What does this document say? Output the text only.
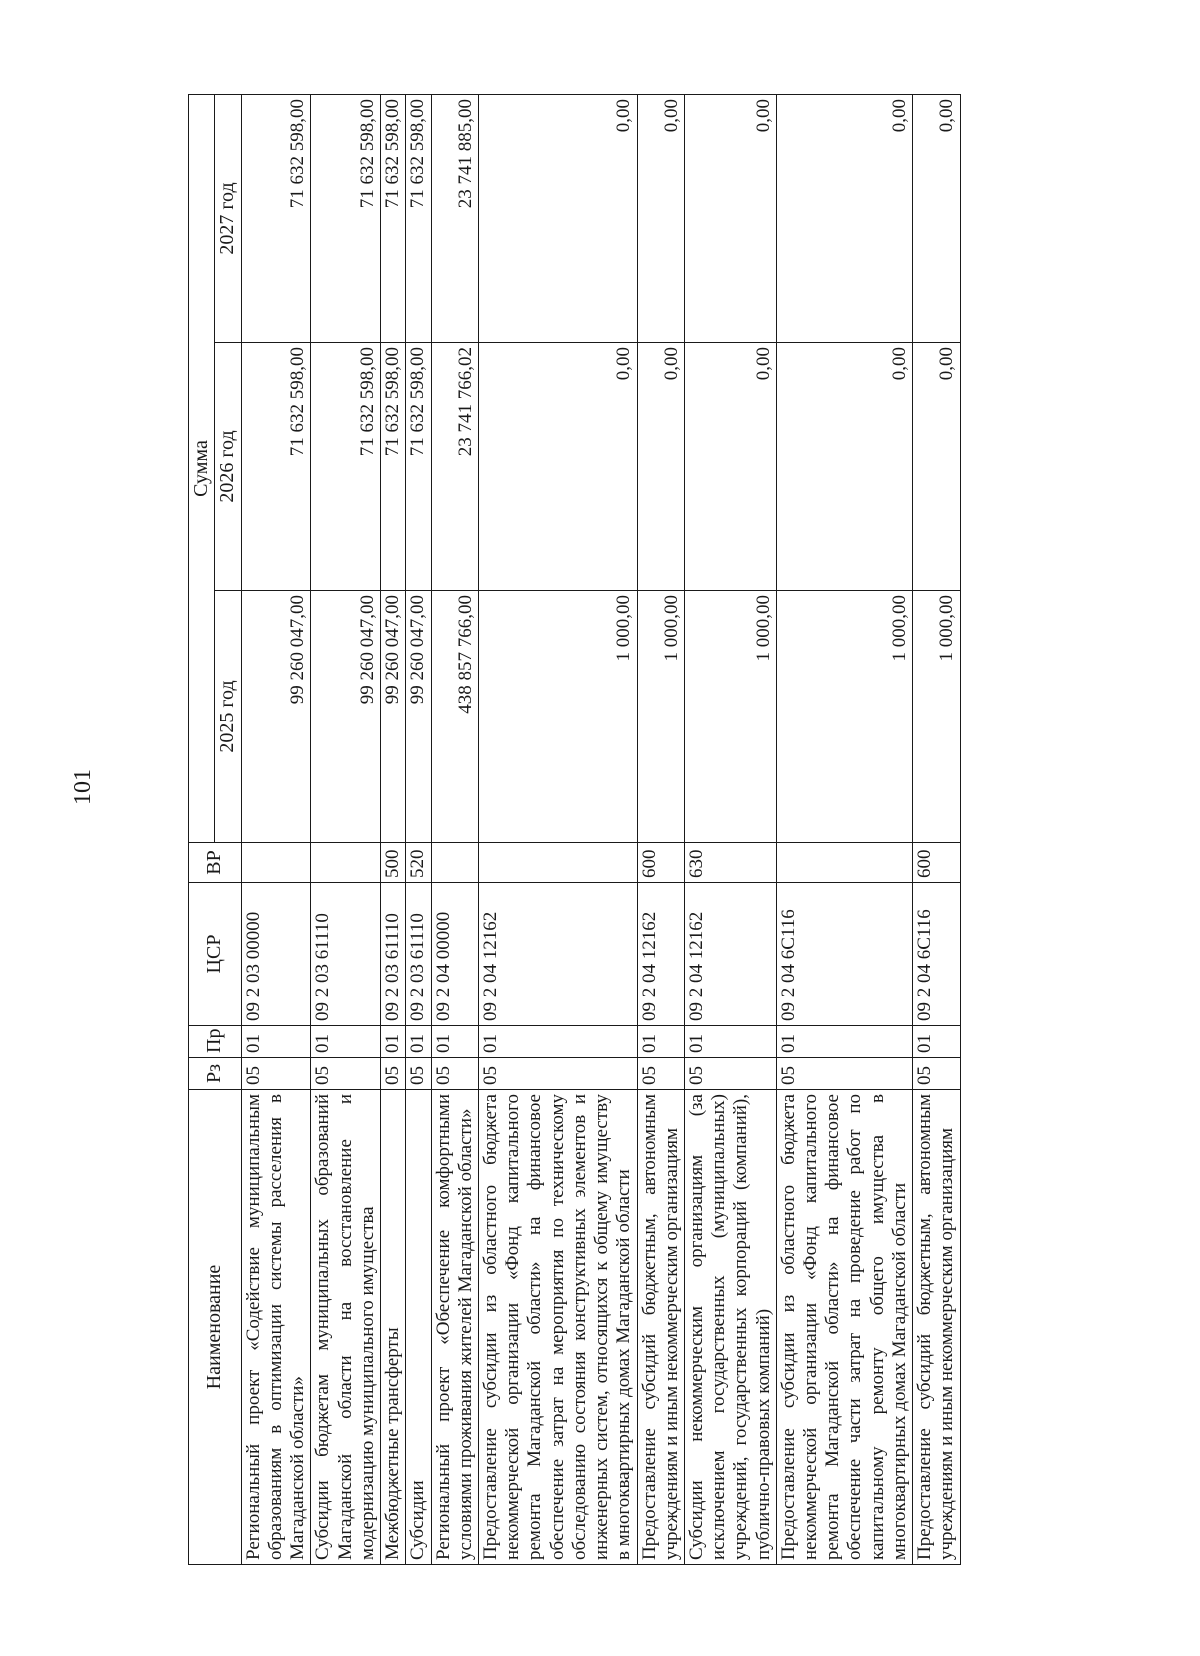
101
Наименование	Рз	Пр	ЦСР	ВР	Сумма		
					2025 год	2026 год	2027 год
Региональный проект «Содействие муниципальным образованиям в оптимизации системы расселения в Магаданской области»	05	01	09 2 03 00000		99 260 047,00	71 632 598,00	71 632 598,00
Субсидии бюджетам муниципальных образований Магаданской области на восстановление и модернизацию муниципального имущества	05	01	09 2 03 61110		99 260 047,00	71 632 598,00	71 632 598,00
Межбюджетные трансферты	05	01	09 2 03 61110	500	99 260 047,00	71 632 598,00	71 632 598,00
Субсидии	05	01	09 2 03 61110	520	99 260 047,00	71 632 598,00	71 632 598,00
Региональный проект «Обеспечение комфортными условиями проживания жителей Магаданской области»	05	01	09 2 04 00000		438 857 766,00	23 741 766,02	23 741 885,00
Предоставление субсидии из областного бюджета некоммерческой организации «Фонд капитального ремонта Магаданской области» на финансовое обеспечение затрат на мероприятия по техническому обследованию состояния конструктивных элементов и инженерных систем, относящихся к общему имуществу в многоквартирных домах Магаданской области	05	01	09 2 04 12162		1 000,00	0,00	0,00
Предоставление субсидий бюджетным, автономным учреждениям и иным некоммерческим организациям	05	01	09 2 04 12162	600	1 000,00	0,00	0,00
Субсидии некоммерческим организациям (за исключением государственных (муниципальных) учреждений, государственных корпораций (компаний), публично-правовых компаний)	05	01	09 2 04 12162	630	1 000,00	0,00	0,00
Предоставление субсидии из областного бюджета некоммерческой организации «Фонд капитального ремонта Магаданской области» на финансовое обеспечение части затрат на проведение работ по капитальному ремонту общего имущества в многоквартирных домах Магаданской области	05	01	09 2 04 6С116		1 000,00	0,00	0,00
Предоставление субсидий бюджетным, автономным учреждениям и иным некоммерческим организациям	05	01	09 2 04 6С116	600	1 000,00	0,00	0,00
